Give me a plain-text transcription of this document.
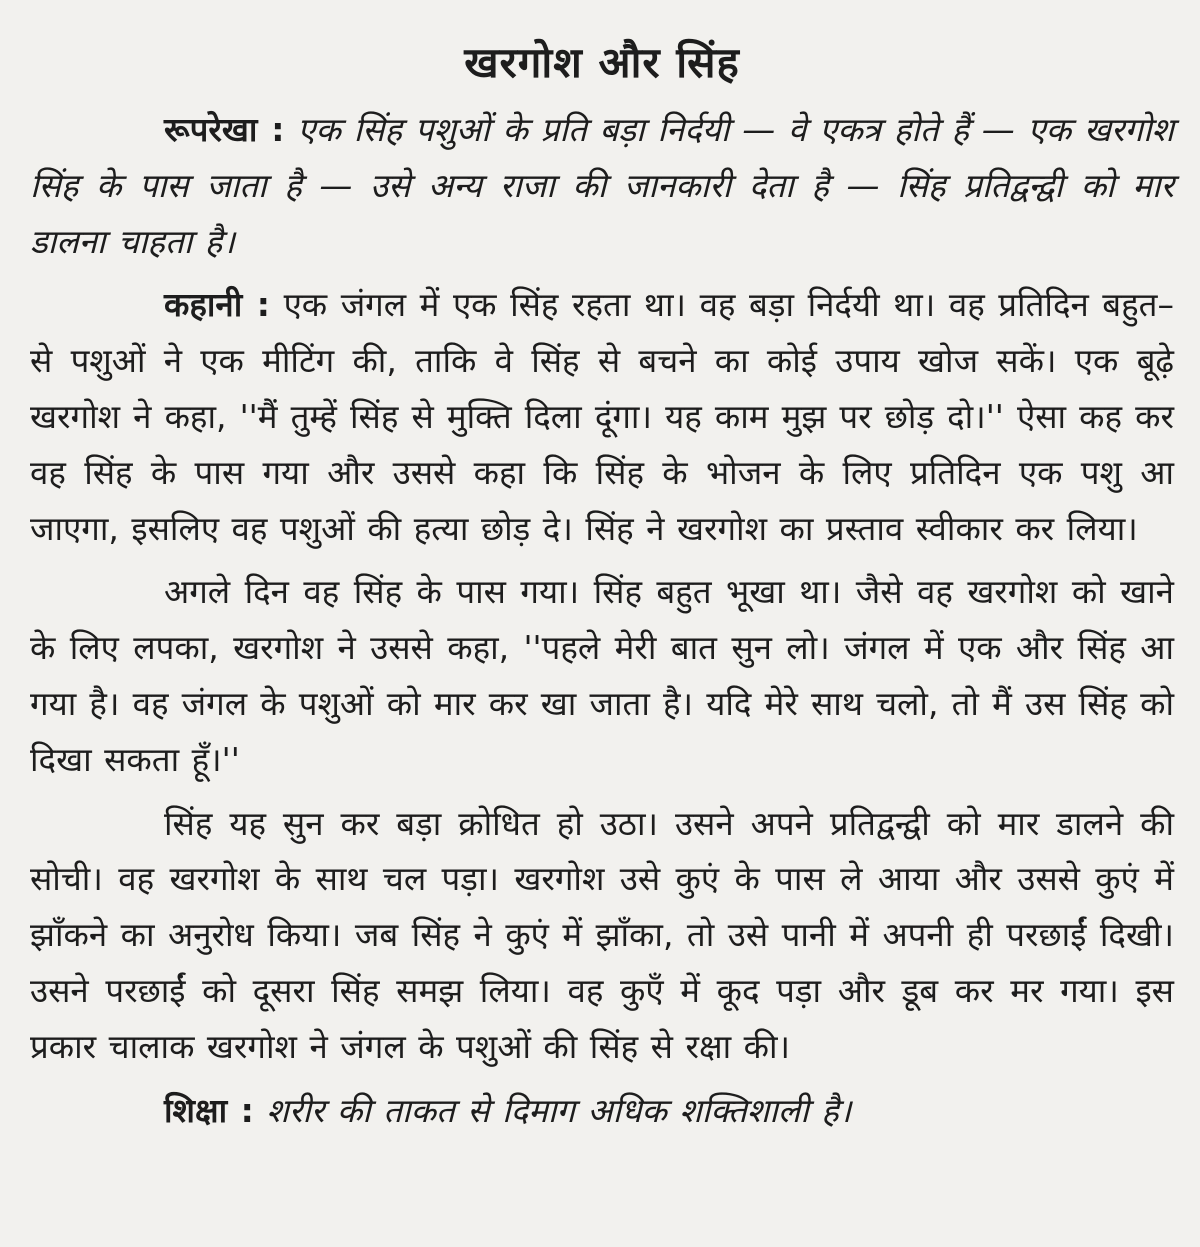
खरगोश और सिंह

रूपरेखा : एक सिंह पशुओं के प्रति बड़ा निर्दयी — वे एकत्र होते हैं — एक खरगोश सिंह के पास जाता है — उसे अन्य राजा की जानकारी देता है — सिंह प्रतिद्वन्द्वी को मार डालना चाहता है।

कहानी : एक जंगल में एक सिंह रहता था। वह बड़ा निर्दयी था। वह प्रतिदिन बहुत–से पशुओं ने एक मीटिंग की, ताकि वे सिंह से बचने का कोई उपाय खोज सकें। एक बूढ़े खरगोश ने कहा, ''मैं तुम्हें सिंह से मुक्ति दिला दूंगा। यह काम मुझ पर छोड़ दो।'' ऐसा कह कर वह सिंह के पास गया और उससे कहा कि सिंह के भोजन के लिए प्रतिदिन एक पशु आ जाएगा, इसलिए वह पशुओं की हत्या छोड़ दे। सिंह ने खरगोश का प्रस्ताव स्वीकार कर लिया।

अगले दिन वह सिंह के पास गया। सिंह बहुत भूखा था। जैसे वह खरगोश को खाने के लिए लपका, खरगोश ने उससे कहा, ''पहले मेरी बात सुन लो। जंगल में एक और सिंह आ गया है। वह जंगल के पशुओं को मार कर खा जाता है। यदि मेरे साथ चलो, तो मैं उस सिंह को दिखा सकता हूँ।''

सिंह यह सुन कर बड़ा क्रोधित हो उठा। उसने अपने प्रतिद्वन्द्वी को मार डालने की सोची। वह खरगोश के साथ चल पड़ा। खरगोश उसे कुएं के पास ले आया और उससे कुएं में झाँकने का अनुरोध किया। जब सिंह ने कुएं में झाँका, तो उसे पानी में अपनी ही परछाईं दिखी। उसने परछाईं को दूसरा सिंह समझ लिया। वह कुएँ में कूद पड़ा और डूब कर मर गया। इस प्रकार चालाक खरगोश ने जंगल के पशुओं की सिंह से रक्षा की।

शिक्षा : शरीर की ताकत से दिमाग अधिक शक्तिशाली है।
